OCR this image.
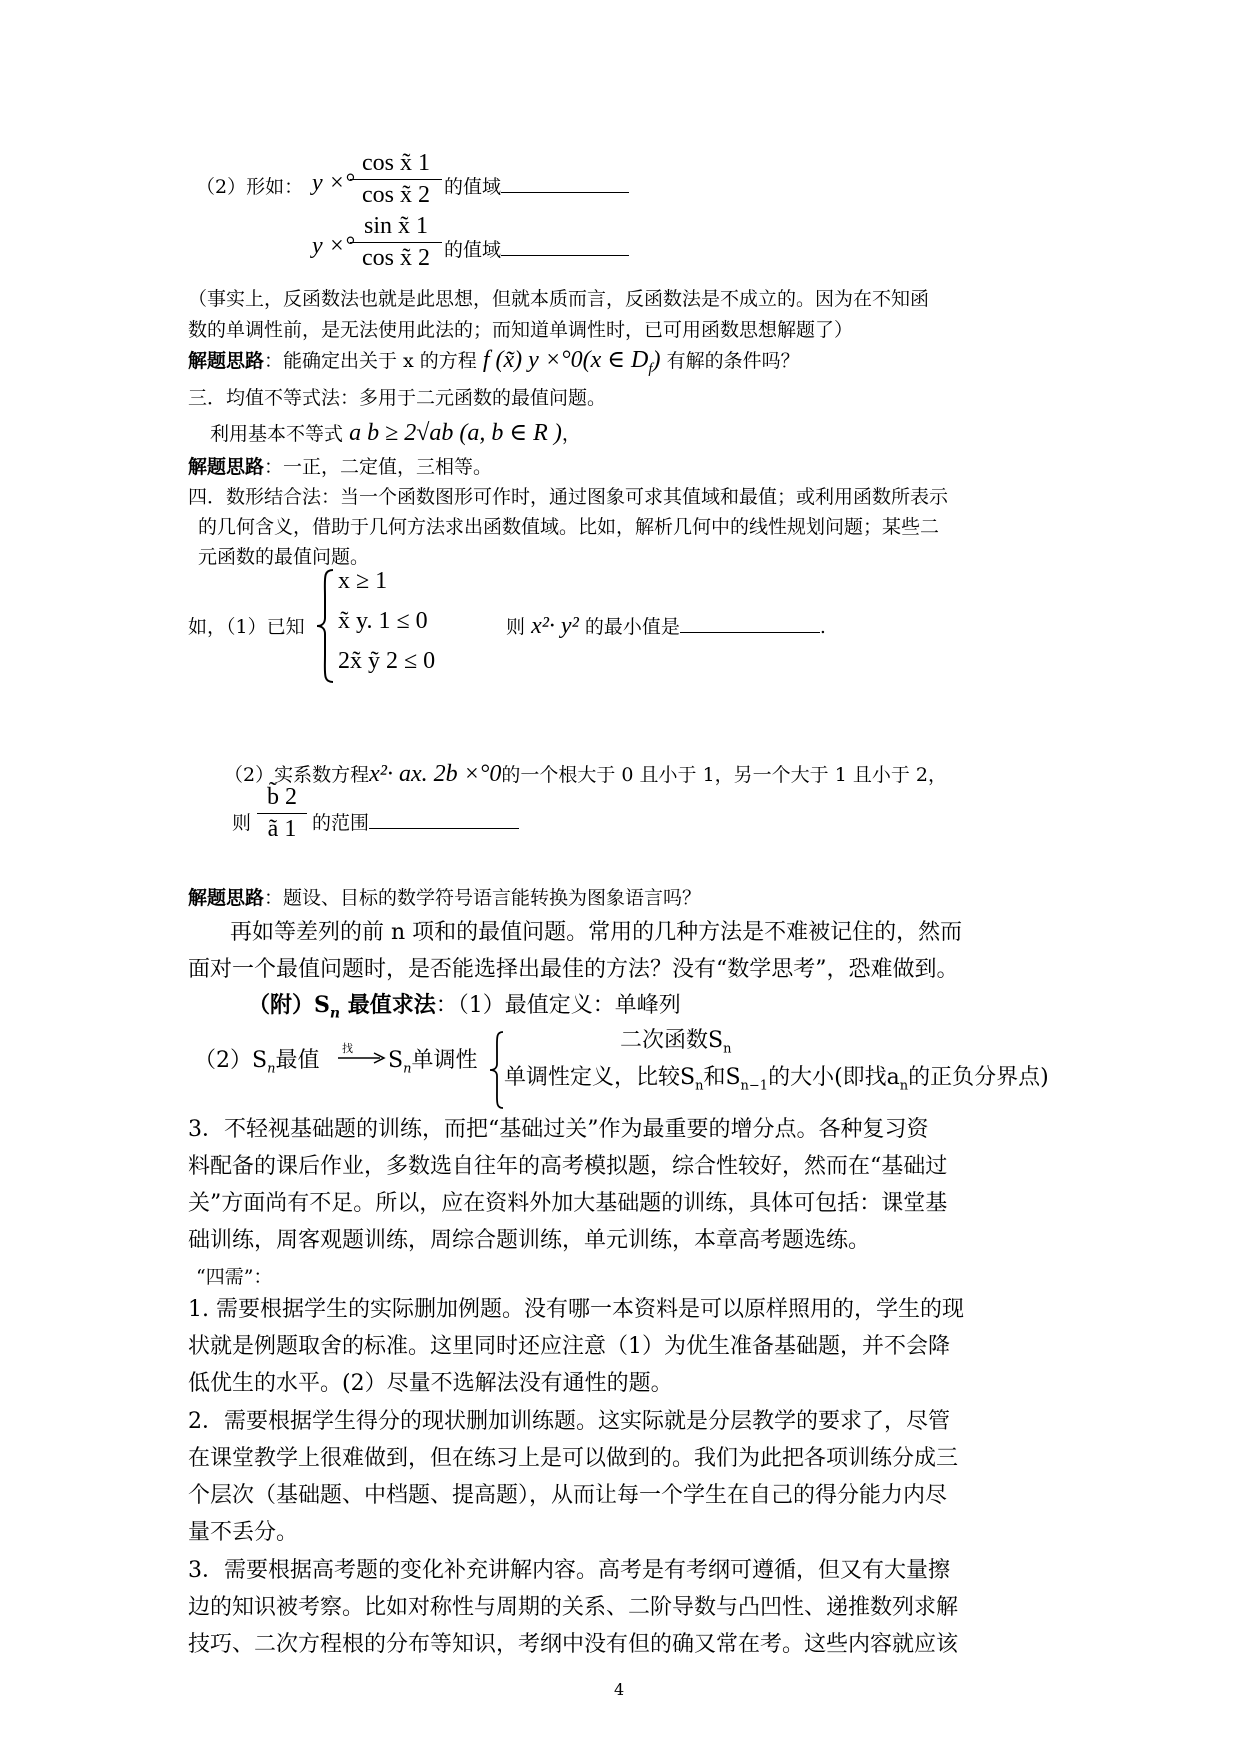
（2）形如： y ×°
cos x̃ 1
cos x̃ 2 的值域
y ×°
sin x̃ 1
cos x̃ 2 的值域
（事实上，反函数法也就是此思想，但就本质而言，反函数法是不成立的。因为在不知函
数的单调性前，是无法使用此法的；而知道单调性时，已可用函数思想解题了）
解题思路：能确定出关于 x 的方程 f (x̃) y ×°0(x ∈ $D_f$) 有解的条件吗？
三．均值不等式法：多用于二元函数的最值问题。
利用基本不等式 a b ≥ 2√ab (a, b ∈ R )，
解题思路：一正，二定值，三相等。
四．数形结合法：当一个函数图形可作时，通过图象可求其值域和最值；或利用函数所表示
的几何含义，借助于几何方法求出函数值域。比如，解析几何中的线性规划问题；某些二
元函数的最值问题。
如，（1）已知
x ≥ 1
x̃ y. 1 ≤ 0
2x̃ ỹ 2 ≤ 0
则 x²· y² 的最小值是	.
（2）实系数方程x²· ax. 2b ×°0的一个根大于 0 且小于 1，另一个大于 1 且小于 2，
则
b̃ 2
ã 1 的范围
解题思路：题设、目标的数学符号语言能转换为图象语言吗？
再如等差列的前 n 项和的最值问题。常用的几种方法是不难被记住的，然而
面对一个最值问题时，是否能选择出最佳的方法？没有“数学思考”，恐难做到。
（附）$S_n$ 最值求法：（1）最值定义：单峰列
$(2)S_n$最值 找 $S_n$单调性
二次函数$S_n$
单调性定义，比较$S_n$和$S_{n-1}$的大小(即找$a_n$的正负分界点)
3．不轻视基础题的训练，而把“基础过关”作为最重要的增分点。各种复习资
料配备的课后作业，多数选自往年的高考模拟题，综合性较好，然而在“基础过
关”方面尚有不足。所以，应在资料外加大基础题的训练，具体可包括：课堂基
础训练，周客观题训练，周综合题训练，单元训练，本章高考题选练。
“四需”：
1. 需要根据学生的实际删加例题。没有哪一本资料是可以原样照用的，学生的现
状就是例题取舍的标准。这里同时还应注意（1）为优生准备基础题，并不会降
低优生的水平。(2）尽量不选解法没有通性的题。
2．需要根据学生得分的现状删加训练题。这实际就是分层教学的要求了，尽管
在课堂教学上很难做到，但在练习上是可以做到的。我们为此把各项训练分成三
个层次（基础题、中档题、提高题），从而让每一个学生在自己的得分能力内尽
量不丢分。
3．需要根据高考题的变化补充讲解内容。高考是有考纲可遵循，但又有大量擦
边的知识被考察。比如对称性与周期的关系、二阶导数与凸凹性、递推数列求解
技巧、二次方程根的分布等知识，考纲中没有但的确又常在考。这些内容就应该
4
